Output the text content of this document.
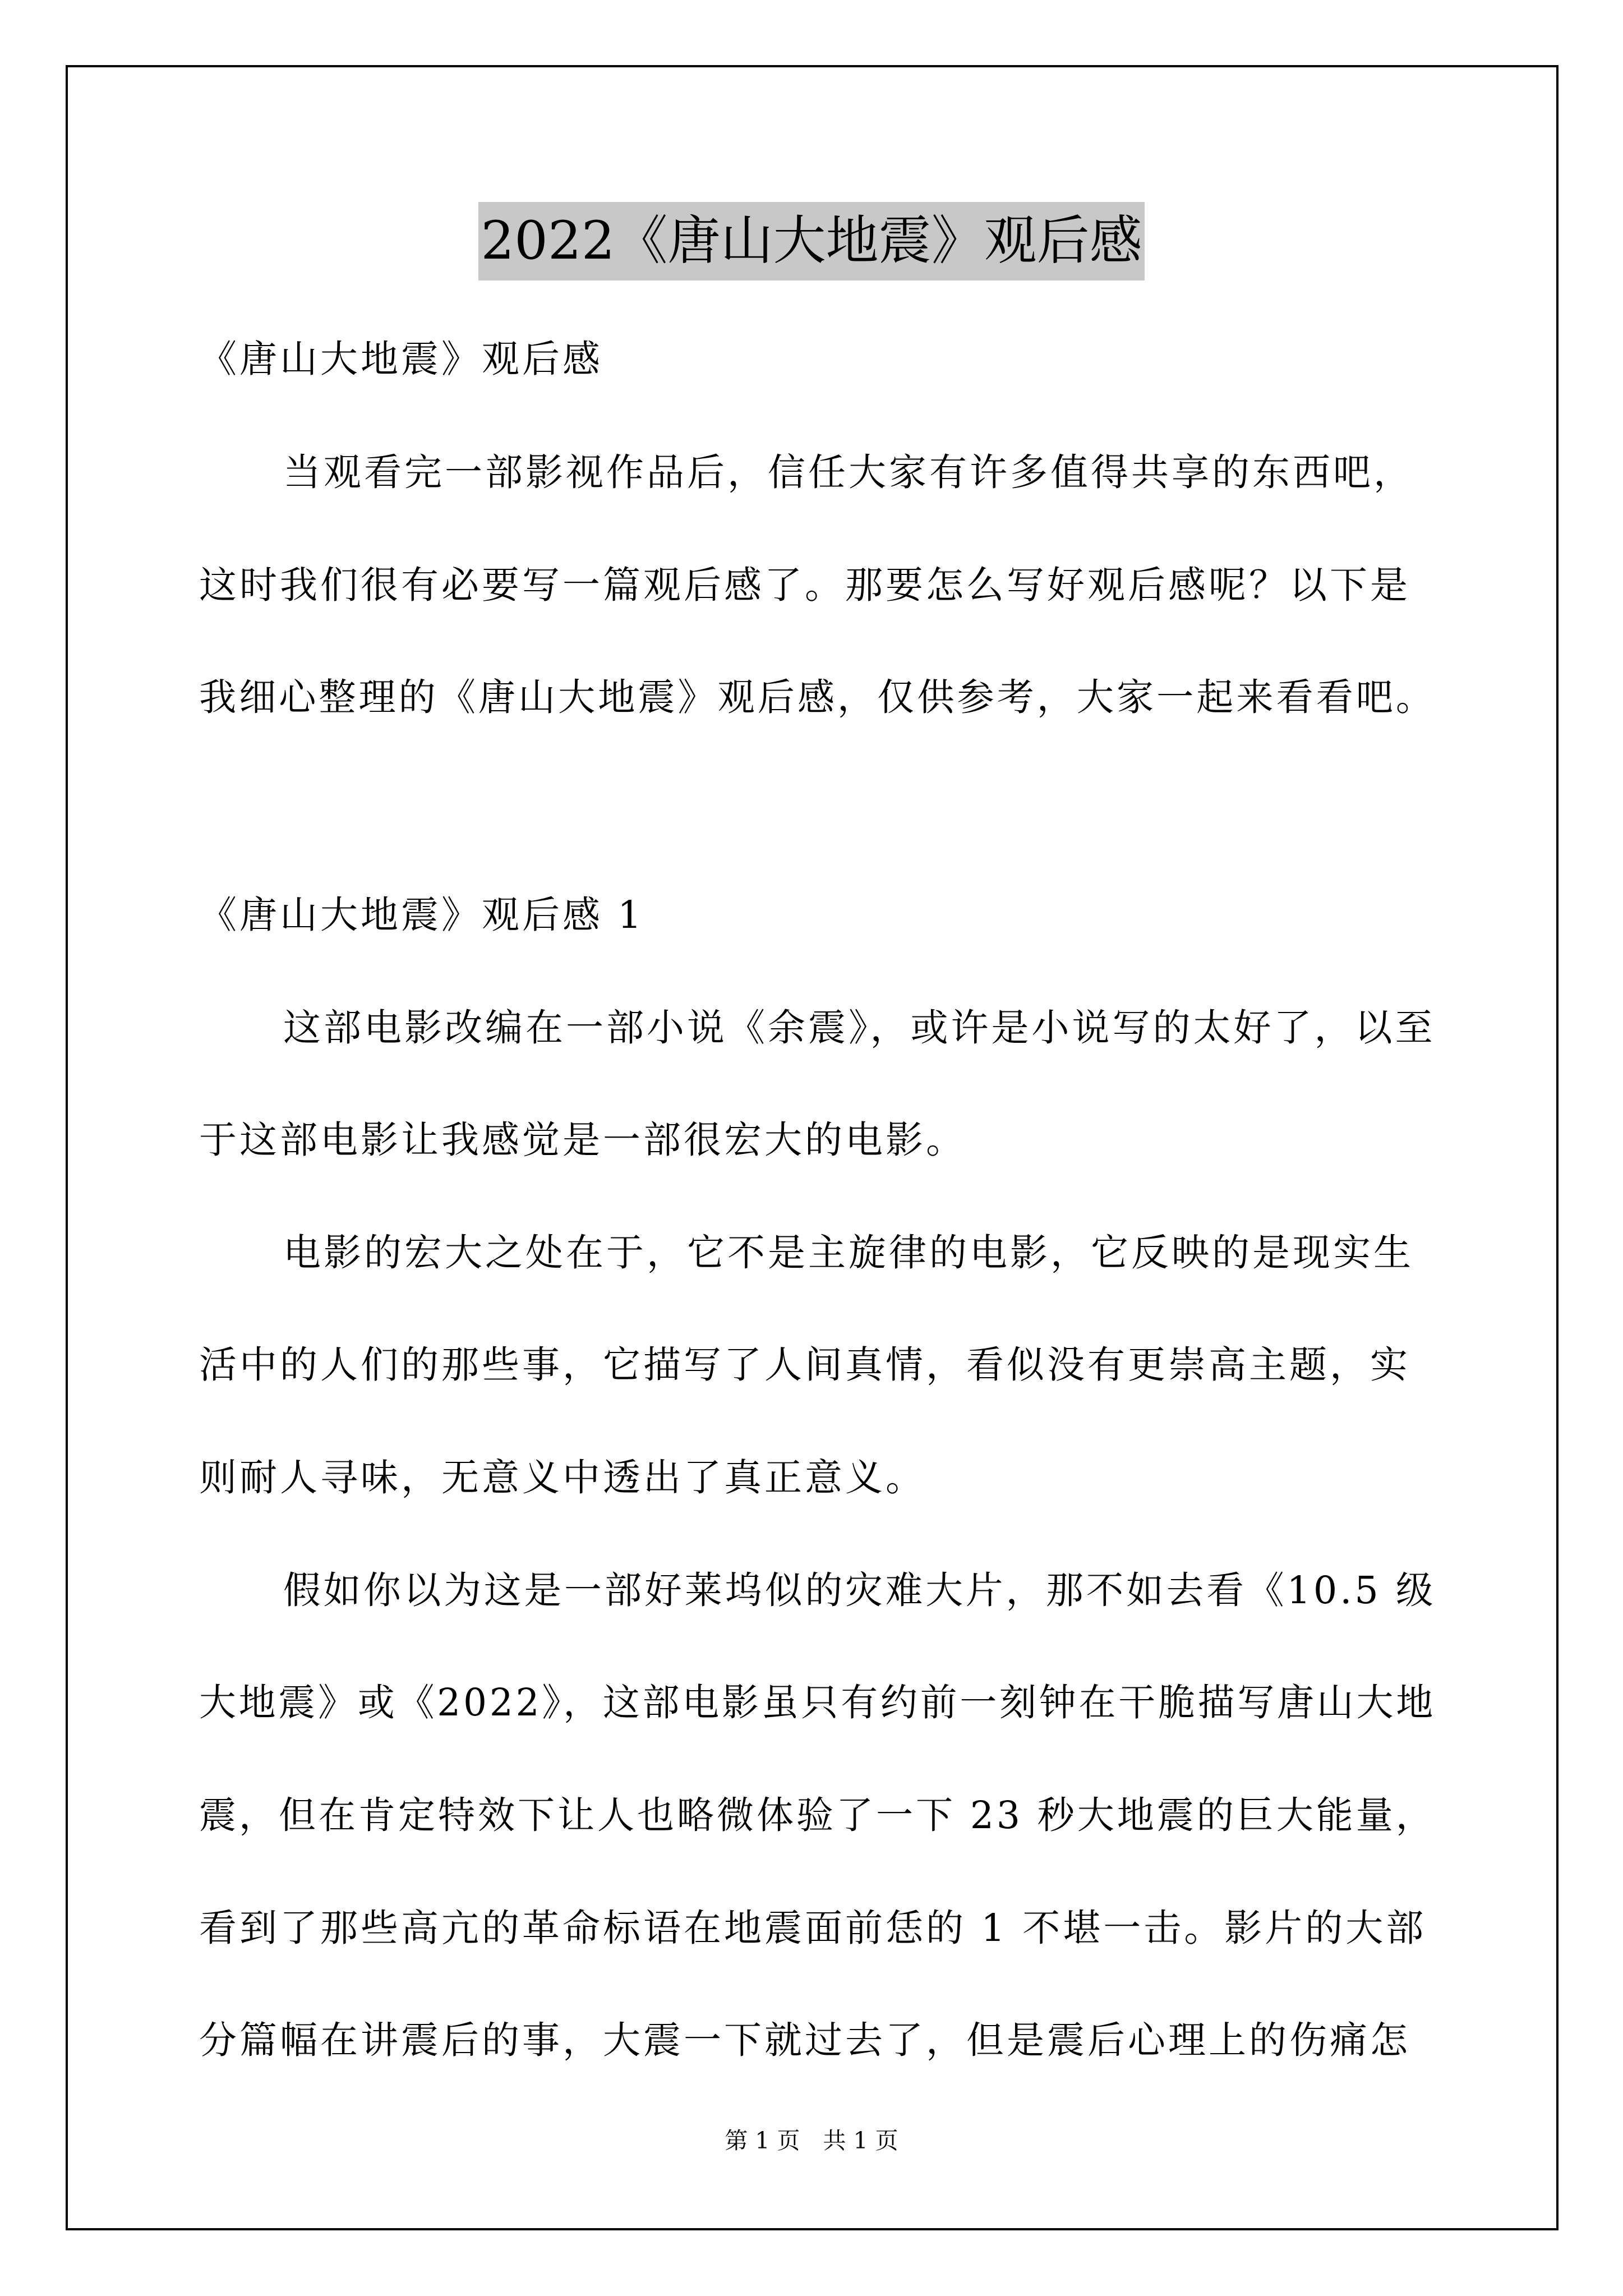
2022《唐山大地震》观后感
《唐山大地震》观后感
当观看完一部影视作品后，信任大家有许多值得共享的东西吧，
这时我们很有必要写一篇观后感了。那要怎么写好观后感呢？以下是
我细心整理的《唐山大地震》观后感，仅供参考，大家一起来看看吧。
《唐山大地震》观后感 1
这部电影改编在一部小说《余震》，或许是小说写的太好了，以至
于这部电影让我感觉是一部很宏大的电影。
电影的宏大之处在于，它不是主旋律的电影，它反映的是现实生
活中的人们的那些事，它描写了人间真情，看似没有更崇高主题，实
则耐人寻味，无意义中透出了真正意义。
假如你以为这是一部好莱坞似的灾难大片，那不如去看《10.5 级
大地震》或《2022》，这部电影虽只有约前一刻钟在干脆描写唐山大地
震，但在肯定特效下让人也略微体验了一下 23 秒大地震的巨大能量，
看到了那些高亢的革命标语在地震面前恁的 1 不堪一击。影片的大部
分篇幅在讲震后的事，大震一下就过去了，但是震后心理上的伤痛怎
第 1 页　共 1 页
